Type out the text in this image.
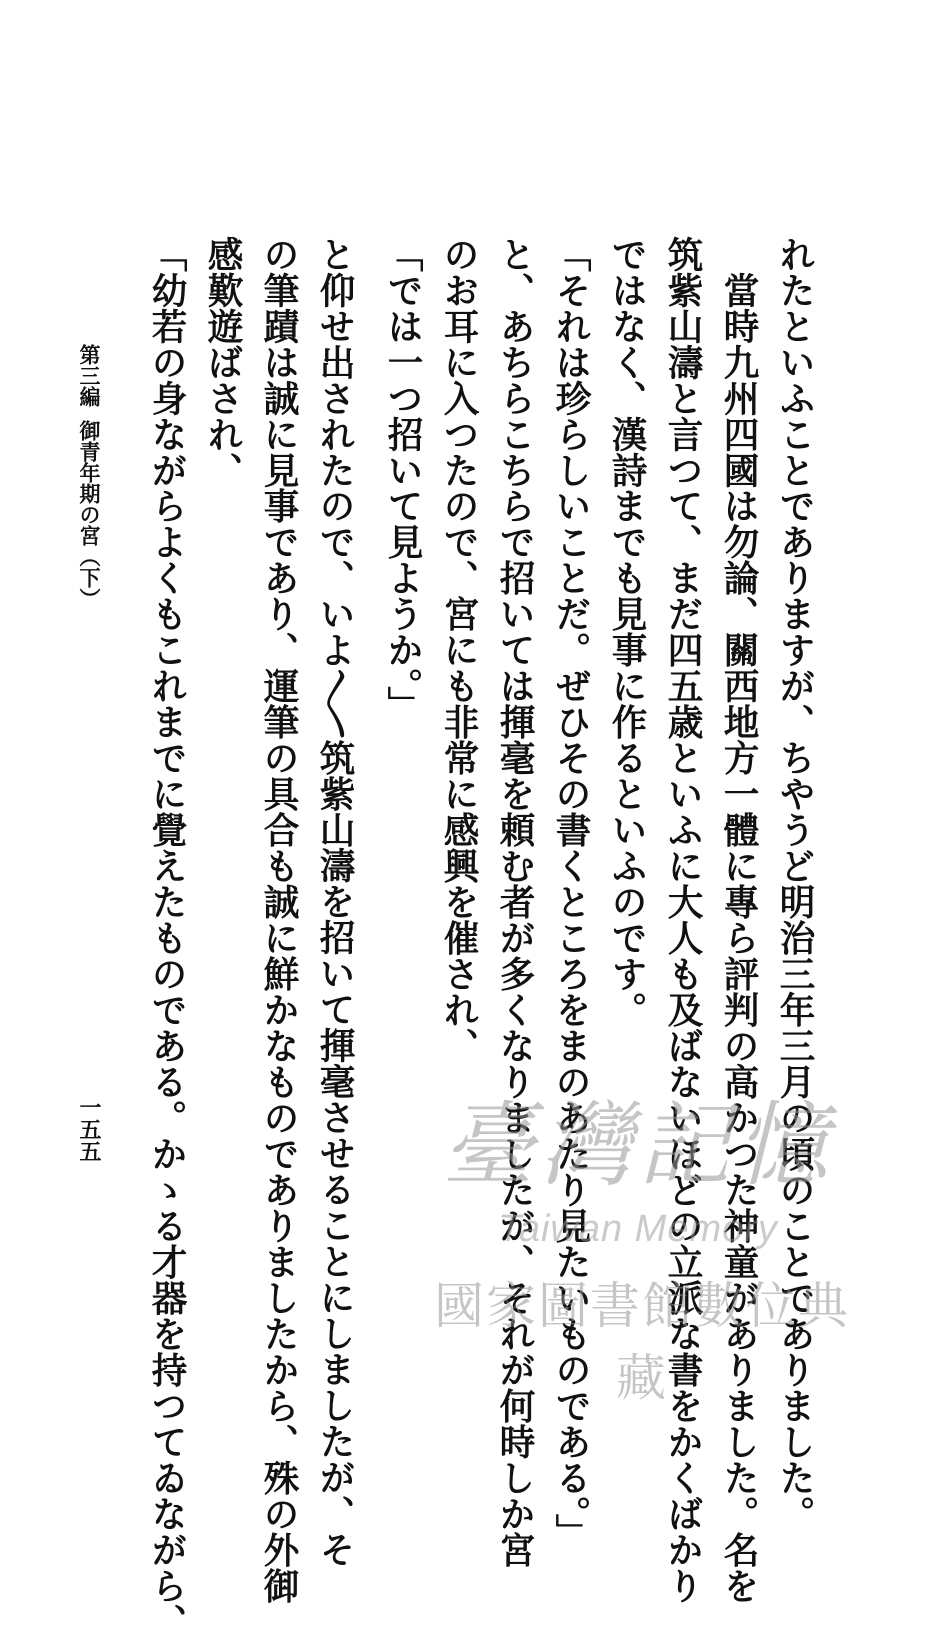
れたといふことでありますが、ちやうど明治三年三月の頃のことでありました。
　當時九州四國は勿論、關西地方一體に專ら評判の高かつた神童がありました。名を
筑紫山濤と言つて、まだ四五歳といふに大人も及ばないほどの立派な書をかくばかり
ではなく、漢詩までも見事に作るといふのです。
「それは珍らしいことだ。ぜひその書くところをまのあたり見たいものである。」
と、あちらこちらで招いては揮毫を頼む者が多くなりましたが、それが何時しか宮
のお耳に入つたので、宮にも非常に感興を催され、
「では一つ招いて見ようか。」
と仰せ出されたので、いよ〳〵筑紫山濤を招いて揮毫させることにしましたが、そ
の筆蹟は誠に見事であり、運筆の具合も誠に鮮かなものでありましたから、殊の外御
感歎遊ばされ、
「幼若の身ながらよくもこれまでに覺えたものである。かゝる才器を持つてゐながら、
第三編
御青年期の宮（下）
一五五	臺灣記憶
Taiwan Memory
國家圖書館數位典藏
